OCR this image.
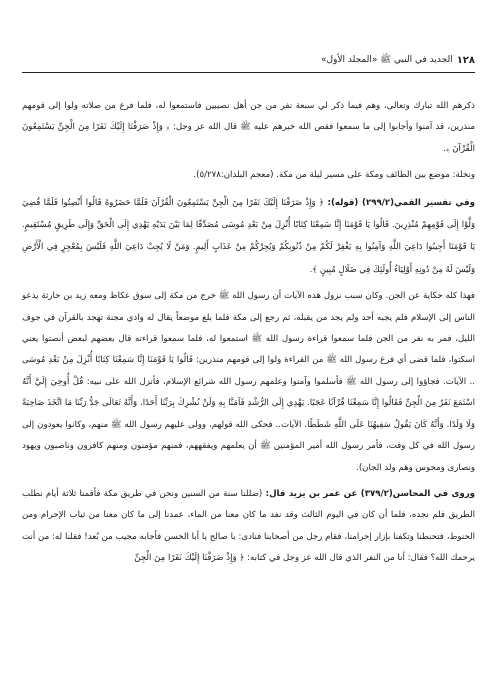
١٢٨
الجديد في النبي ﷺ «المجلد الأول»

ذكرهم الله تبارك وتعالى، وهم فيما ذكر لي سبعة نفر من جن أهل نصيبين فاستمعوا له، فلما فرغ من صلاته ولوا إلى قومهم منذرين، قد آمنوا وأجابوا إلى ما سمعوا فقص الله خبرهم عليه ﷺ قال الله عز وجل: ﴿ وَإِذْ صَرَفْنَا إِلَيْكَ نَفَرًا مِنَ الْجِنِّ يَسْتَمِعُونَ الْقُرْآنَ ﴾.

ونخلة: موضع بين الطائف ومكة على مسير ليلة من مكة. (معجم البلدان:٥/٢٧٨).

وفي تفسير القمي(٢٩٩/٢) (قوله): ﴿ وَإِذْ صَرَفْنَا إِلَيْكَ نَفَرًا مِنَ الْجِنِّ يَسْتَمِعُونَ الْقُرْآنَ فَلَمَّا حَضَرُوهُ قَالُوا أَنْصِتُوا فَلَمَّا قُضِيَ وَلَّوْا إِلَى قَوْمِهِمْ مُنْذِرِينَ. قَالُوا يَا قَوْمَنَا إِنَّا سَمِعْنَا كِتَابًا أُنْزِلَ مِنْ بَعْدِ مُوسَى مُصَدِّقًا لِمَا بَيْنَ يَدَيْهِ يَهْدِي إِلَى الْحَقِّ وَإِلَى طَرِيقٍ مُسْتَقِيمٍ. يَا قَوْمَنَا أَجِيبُوا دَاعِيَ اللَّهِ وَآمِنُوا بِهِ يَغْفِرْ لَكُمْ مِنْ ذُنُوبِكُمْ وَيُجِرْكُمْ مِنْ عَذَابٍ أَلِيمٍ. وَمَنْ لَا يُجِبْ دَاعِيَ اللَّهِ فَلَيْسَ بِمُعْجِزٍ فِي الْأَرْضِ وَلَيْسَ لَهُ مِنْ دُونِهِ أَوْلِيَاءُ أُولَئِكَ فِي ضَلَالٍ مُبِينٍ ﴾.

فهذا كله حكاية عن الجن. وكان سبب نزول هذه الآيات أن رسول الله ﷺ خرج من مكة إلى سوق عكاظ ومعه زيد بن حارثة يدعو الناس إلى الإسلام فلم يجبه أحد ولم يجد من يقبله، ثم رجع إلى مكة فلما بلغ موضعاً يقال له وادي مجنة تهجد بالقرآن في جوف الليل، فمر به نفر من الجن فلما سمعوا قراءة رسول الله ﷺ استمعوا له، فلما سمعوا قراءته قال بعضهم لبعض أنصتوا يعني اسكتوا، فلما قضى أي فرغ رسول الله ﷺ من القراءة ولوا إلى قومهم منذرين: قَالُوا يَا قَوْمَنَا إِنَّا سَمِعْنَا كِتَابًا أُنْزِلَ مِنْ بَعْدِ مُوسَى .. الآيات. فجاؤوا إلى رسول الله ﷺ فأسلموا وآمنوا وعلمهم رسول الله شرائع الإسلام، فأنزل الله على نبيه: قُلْ أُوحِيَ إِلَيَّ أَنَّهُ اسْتَمَعَ نَفَرٌ مِنَ الْجِنِّ فَقَالُوا إِنَّا سَمِعْنَا قُرْآنًا عَجَبًا. يَهْدِي إِلَى الرُّشْدِ فَآمَنَّا بِهِ وَلَنْ نُشْرِكَ بِرَبِّنَا أَحَدًا. وَأَنَّهُ تَعَالَى جَدُّ رَبِّنَا مَا اتَّخَذَ صَاحِبَةً وَلَا وَلَدًا. وَأَنَّهُ كَانَ يَقُولُ سَفِيهُنَا عَلَى اللَّهِ شَطَطًا. الآيات.. فحكى الله قولهم، وولى عليهم رسول الله ﷺ منهم، وكانوا يعودون إلى رسول الله في كل وقت، فأمر رسول الله أمير المؤمنين ﷺ أن يعلمهم ويفقههم، فمنهم مؤمنون ومنهم كافرون وناصبون ويهود ونصارى ومجوس وهم ولد الجان).

وروى في المحاسن(٣٧٩/٢) عن عمر بن يزيد قال: (ضللنا سنة من السنين ونحن في طريق مكة فأقمنا ثلاثة أيام نطلب الطريق فلم نجده، فلما أن كان في اليوم الثالث وقد نفد ما كان معنا من الماء، عمدنا إلى ما كان معنا من ثياب الإحرام ومن الحنوط، فتحنطنا وتكفنا بإزار إحرامنا، فقام رجل من أصحابنا فنادى: يا صالح يا أبا الحسن فأجابه مجيب من بُعد! فقلنا له: من أنت يرحمك الله؟ فقال: أنا من النفر الذي قال الله عز وجل في كتابه: ﴿ وَإِذْ صَرَفْنَا إِلَيْكَ نَفَرًا مِنَ الْجِنِّ
